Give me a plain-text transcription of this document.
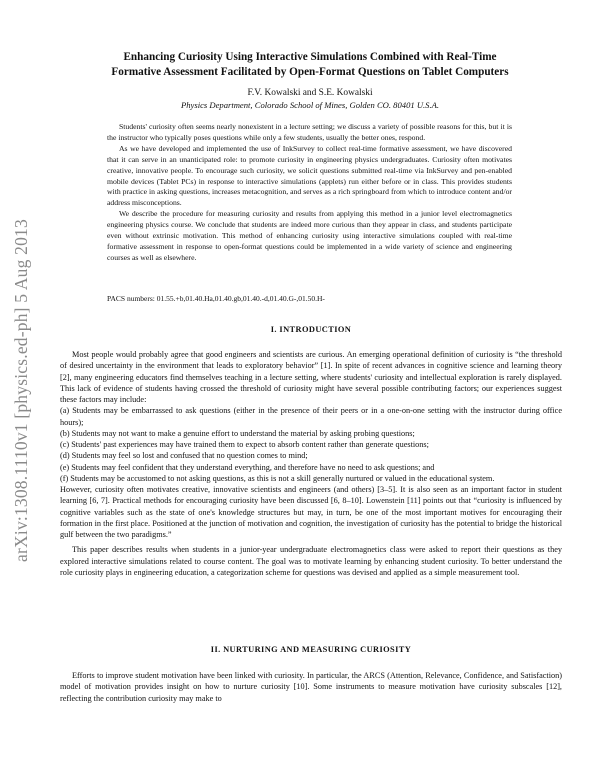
arXiv:1308.1110v1 [physics.ed-ph] 5 Aug 2013
Enhancing Curiosity Using Interactive Simulations Combined with Real-Time
Formative Assessment Facilitated by Open-Format Questions on Tablet Computers
F.V. Kowalski and S.E. Kowalski
Physics Department, Colorado School of Mines, Golden CO. 80401 U.S.A.

Students' curiosity often seems nearly nonexistent in a lecture setting; we discuss a variety of possible reasons for this, but it is the instructor who typically poses questions while only a few students, usually the better ones, respond.

As we have developed and implemented the use of InkSurvey to collect real-time formative assessment, we have discovered that it can serve in an unanticipated role: to promote curiosity in engineering physics undergraduates. Curiosity often motivates creative, innovative people. To encourage such curiosity, we solicit questions submitted real-time via InkSurvey and pen-enabled mobile devices (Tablet PCs) in response to interactive simulations (applets) run either before or in class. This provides students with practice in asking questions, increases metacognition, and serves as a rich springboard from which to introduce content and/or address misconceptions.

We describe the procedure for measuring curiosity and results from applying this method in a junior level electromagnetics engineering physics course. We conclude that students are indeed more curious than they appear in class, and students participate even without extrinsic motivation. This method of enhancing curiosity using interactive simulations coupled with real-time formative assessment in response to open-format questions could be implemented in a wide variety of science and engineering courses as well as elsewhere.

PACS numbers: 01.55.+b,01.40.Ha,01.40.gb,01.40.-d,01.40.G-,01.50.H-
I. INTRODUCTION

Most people would probably agree that good engineers and scientists are curious. An emerging operational definition of curiosity is “the threshold of desired uncertainty in the environment that leads to exploratory behavior” [1]. In spite of recent advances in cognitive science and learning theory [2], many engineering educators find themselves teaching in a lecture setting, where students' curiosity and intellectual exploration is rarely displayed. This lack of evidence of students having crossed the threshold of curiosity might have several possible contributing factors; our experiences suggest these factors may include:

(a) Students may be embarrassed to ask questions (either in the presence of their peers or in a one-on-one setting with the instructor during office hours);

(b) Students may not want to make a genuine effort to understand the material by asking probing questions;

(c) Students' past experiences may have trained them to expect to absorb content rather than generate questions;

(d) Students may feel so lost and confused that no question comes to mind;

(e) Students may feel confident that they understand everything, and therefore have no need to ask questions; and

(f) Students may be accustomed to not asking questions, as this is not a skill generally nurtured or valued in the educational system.

However, curiosity often motivates creative, innovative scientists and engineers (and others) [3–5]. It is also seen as an important factor in student learning [6, 7]. Practical methods for encouraging curiosity have been discussed [6, 8–10]. Lowenstein [11] points out that “curiosity is influenced by cognitive variables such as the state of one's knowledge structures but may, in turn, be one of the most important motives for encouraging their formation in the first place. Positioned at the junction of motivation and cognition, the investigation of curiosity has the potential to bridge the historical gulf between the two paradigms.”

This paper describes results when students in a junior-year undergraduate electromagnetics class were asked to report their questions as they explored interactive simulations related to course content. The goal was to motivate learning by enhancing student curiosity. To better understand the role curiosity plays in engineering education, a categorization scheme for questions was devised and applied as a simple measurement tool.

II. NURTURING AND MEASURING CURIOSITY

Efforts to improve student motivation have been linked with curiosity. In particular, the ARCS (Attention, Relevance, Confidence, and Satisfaction) model of motivation provides insight on how to nurture curiosity [10]. Some instruments to measure motivation have curiosity subscales [12], reflecting the contribution curiosity may make to
